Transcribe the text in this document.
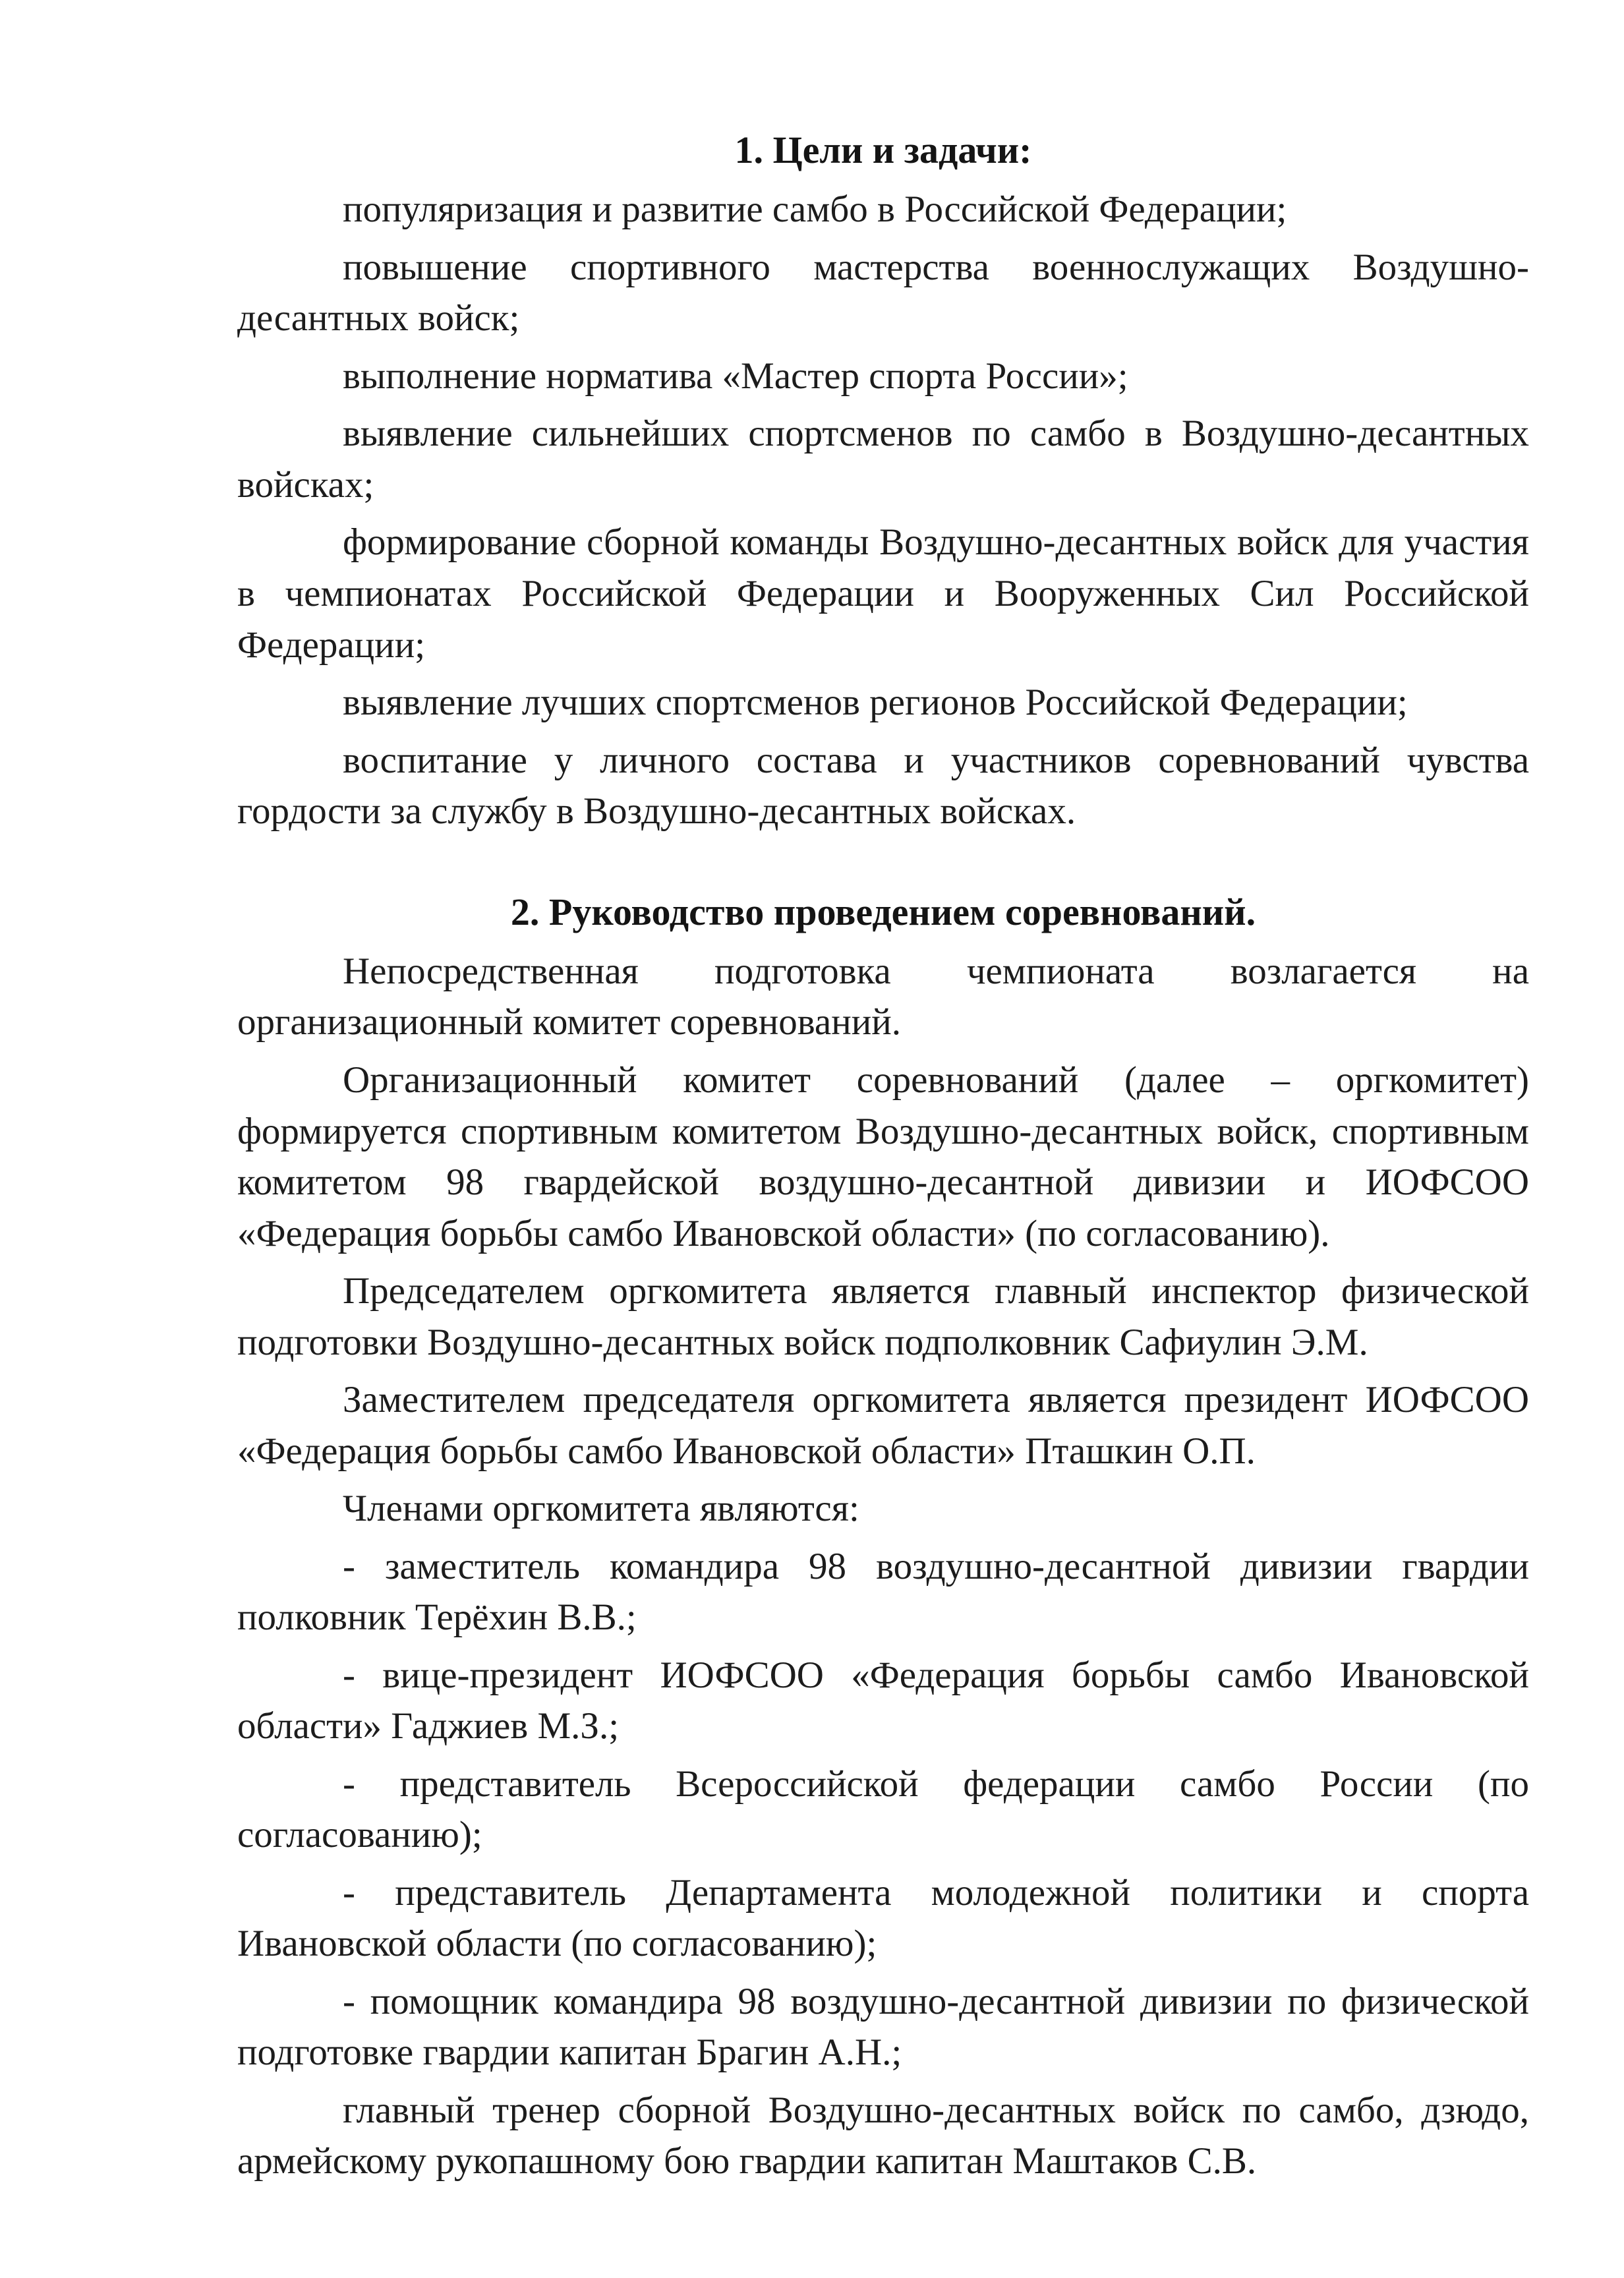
1. Цели и задачи:

популяризация и развитие самбо в Российской Федерации;

повышение спортивного мастерства военнослужащих Воздушно-десантных войск;

выполнение норматива «Мастер спорта России»;

выявление сильнейших спортсменов по самбо в Воздушно-десантных войсках;

формирование сборной команды Воздушно-десантных войск для участия в чемпионатах Российской Федерации и Вооруженных Сил Российской Федерации;

выявление лучших спортсменов регионов Российской Федерации;

воспитание у личного состава и участников соревнований чувства гордости за службу в Воздушно-десантных войсках.

2. Руководство проведением соревнований.

Непосредственная подготовка чемпионата возлагается на организационный комитет соревнований.

Организационный комитет соревнований (далее – оргкомитет) формируется спортивным комитетом Воздушно-десантных войск, спортивным комитетом 98 гвардейской воздушно-десантной дивизии и ИОФСОО «Федерация борьбы самбо Ивановской области» (по согласованию).

Председателем оргкомитета является главный инспектор физической подготовки Воздушно-десантных войск подполковник Сафиулин Э.М.

Заместителем председателя оргкомитета является президент ИОФСОО «Федерация борьбы самбо Ивановской области» Пташкин О.П.

Членами оргкомитета являются:

- заместитель командира 98 воздушно-десантной дивизии гвардии полковник Терёхин В.В.;

- вице-президент ИОФСОО «Федерация борьбы самбо Ивановской области» Гаджиев М.З.;

- представитель Всероссийской федерации самбо России (по согласованию);

- представитель Департамента молодежной политики и спорта Ивановской области (по согласованию);

- помощник командира 98 воздушно-десантной дивизии по физической подготовке гвардии капитан Брагин А.Н.;

главный тренер сборной Воздушно-десантных войск по самбо, дзюдо, армейскому рукопашному бою гвардии капитан Маштаков С.В.
